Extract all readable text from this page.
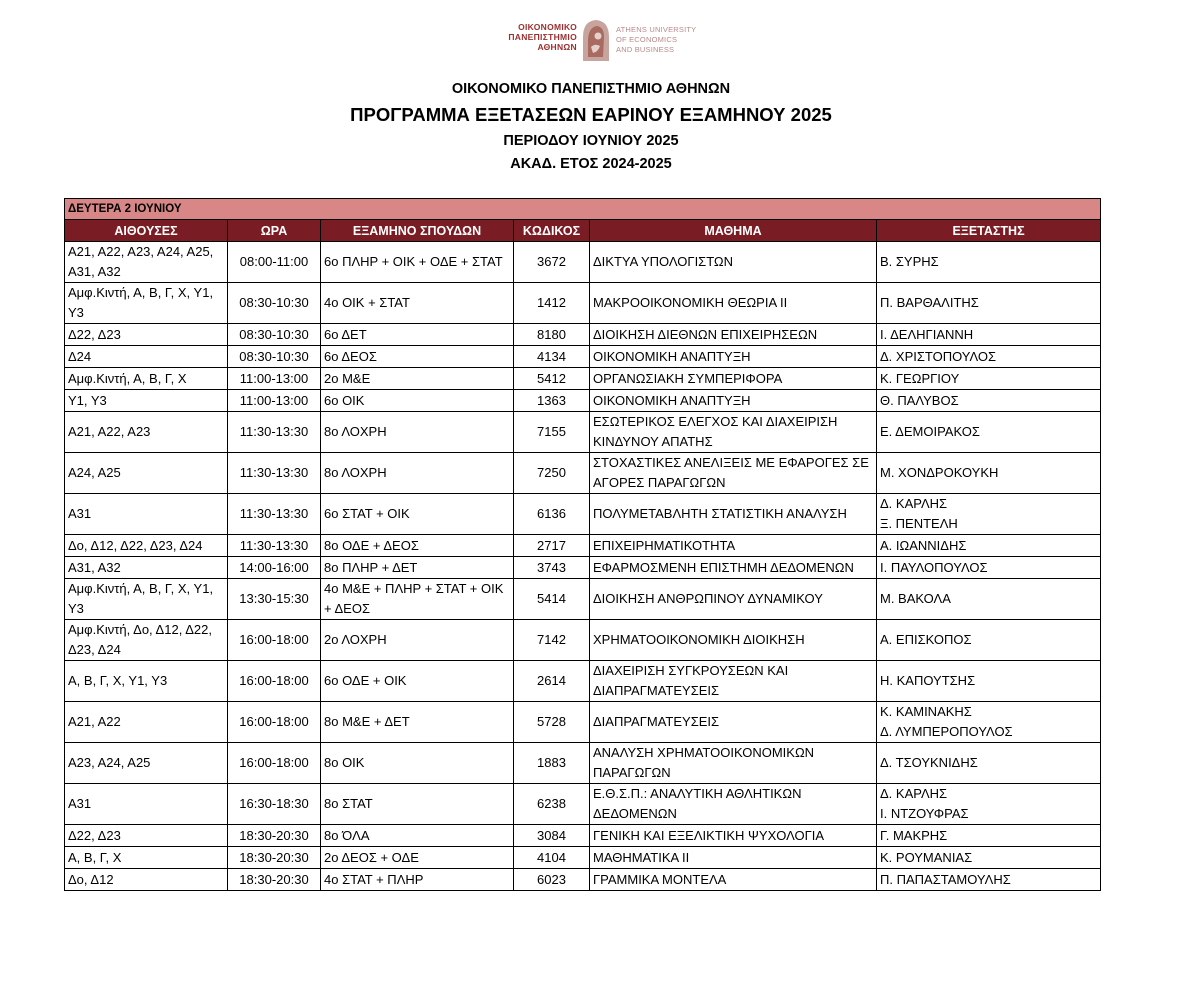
ΟΙΚΟΝΟΜΙΚΟ
ΠΑΝΕΠΙΣΤΗΜΙΟ
ΑΘΗΝΩΝ
ATHENS UNIVERSITY
OF ECONOMICS
AND BUSINESS
ΟΙΚΟΝΟΜΙΚΟ ΠΑΝΕΠΙΣΤΗΜΙΟ ΑΘΗΝΩΝ
ΠΡΟΓΡΑΜΜΑ ΕΞΕΤΑΣΕΩΝ ΕΑΡΙΝΟΥ ΕΞΑΜΗΝΟΥ 2025
ΠΕΡΙΟΔΟΥ ΙΟΥΝΙΟΥ 2025
ΑΚΑΔ. ΕΤΟΣ 2024-2025
ΔΕΥΤΕΡΑ 2 ΙΟΥΝΙΟΥ					
ΑΙΘΟΥΣΕΣ	ΩΡΑ	ΕΞΑΜΗΝΟ ΣΠΟΥΔΩΝ	ΚΩΔΙΚΟΣ	ΜΑΘΗΜΑ	ΕΞΕΤΑΣΤΗΣ

Α21, Α22, Α23, Α24, Α25,
Α31, Α32	08:00-11:00	6ο ΠΛΗΡ + ΟΙΚ + ΟΔΕ + ΣΤΑΤ	3672	ΔΙΚΤΥΑ ΥΠΟΛΟΓΙΣΤΩΝ	Β. ΣΥΡΗΣ

Αμφ.Κιντή, Α, Β, Γ, Χ, Υ1,
Υ3	08:30-10:30	4ο ΟΙΚ + ΣΤΑΤ	1412	ΜΑΚΡΟΟΙΚΟΝΟΜΙΚΗ ΘΕΩΡΙΑ ΙΙ	Π. ΒΑΡΘΑΛΙΤΗΣ

Δ22, Δ23	08:30-10:30	6ο ΔΕΤ	8180	ΔΙΟΙΚΗΣΗ ΔΙΕΘΝΩΝ ΕΠΙΧΕΙΡΗΣΕΩΝ	Ι. ΔΕΛΗΓΙΑΝΝΗ

Δ24	08:30-10:30	6ο ΔΕΟΣ	4134	ΟΙΚΟΝΟΜΙΚΗ ΑΝΑΠΤΥΞΗ	Δ. ΧΡΙΣΤΟΠΟΥΛΟΣ

Αμφ.Κιντή, Α, Β, Γ, Χ	11:00-13:00	2ο Μ&Ε	5412	ΟΡΓΑΝΩΣΙΑΚΗ ΣΥΜΠΕΡΙΦΟΡΑ	Κ. ΓΕΩΡΓΙΟΥ

Υ1, Υ3	11:00-13:00	6ο ΟΙΚ	1363	ΟΙΚΟΝΟΜΙΚΗ ΑΝΑΠΤΥΞΗ	Θ. ΠΑΛΥΒΟΣ

Α21, Α22, Α23	11:30-13:30	8ο ΛΟΧΡΗ	7155	ΕΣΩΤΕΡΙΚΟΣ ΕΛΕΓΧΟΣ ΚΑΙ ΔΙΑΧΕΙΡΙΣΗ
ΚΙΝΔΥΝΟΥ ΑΠΑΤΗΣ	Ε. ΔΕΜΟΙΡΑΚΟΣ

Α24, Α25	11:30-13:30	8ο ΛΟΧΡΗ	7250	ΣΤΟΧΑΣΤΙΚΕΣ ΑΝΕΛΙΞΕΙΣ ΜΕ ΕΦΑΡΟΓΕΣ ΣΕ
ΑΓΟΡΕΣ ΠΑΡΑΓΩΓΩΝ	Μ. ΧΟΝΔΡΟΚΟΥΚΗ

Α31	11:30-13:30	6ο ΣΤΑΤ + ΟΙΚ	6136	ΠΟΛΥΜΕΤΑΒΛΗΤΗ ΣΤΑΤΙΣΤΙΚΗ ΑΝΑΛΥΣΗ	Δ. ΚΑΡΛΗΣ
Ξ. ΠΕΝΤΕΛΗ

Δο, Δ12, Δ22, Δ23, Δ24	11:30-13:30	8ο ΟΔΕ + ΔΕΟΣ	2717	ΕΠΙΧΕΙΡΗΜΑΤΙΚΟΤΗΤΑ	Α. ΙΩΑΝΝΙΔΗΣ

Α31, Α32	14:00-16:00	8ο ΠΛΗΡ + ΔΕΤ	3743	ΕΦΑΡΜΟΣΜΕΝΗ ΕΠΙΣΤΗΜΗ ΔΕΔΟΜΕΝΩΝ	Ι. ΠΑΥΛΟΠΟΥΛΟΣ

Αμφ.Κιντή, Α, Β, Γ, Χ, Υ1,
Υ3	13:30-15:30	4ο Μ&Ε + ΠΛΗΡ + ΣΤΑΤ + ΟΙΚ
+ ΔΕΟΣ	5414	ΔΙΟΙΚΗΣΗ ΑΝΘΡΩΠΙΝΟΥ ΔΥΝΑΜΙΚΟΥ	Μ. ΒΑΚΟΛΑ

Αμφ.Κιντή, Δο, Δ12, Δ22,
Δ23, Δ24	16:00-18:00	2ο ΛΟΧΡΗ	7142	ΧΡΗΜΑΤΟΟΙΚΟΝΟΜΙΚΗ ΔΙΟΙΚΗΣΗ	Α. ΕΠΙΣΚΟΠΟΣ

Α, Β, Γ, Χ, Υ1, Υ3	16:00-18:00	6ο ΟΔΕ + ΟΙΚ	2614	ΔΙΑΧΕΙΡΙΣΗ ΣΥΓΚΡΟΥΣΕΩΝ ΚΑΙ
ΔΙΑΠΡΑΓΜΑΤΕΥΣΕΙΣ	Η. ΚΑΠΟΥΤΣΗΣ

Α21, Α22	16:00-18:00	8ο Μ&Ε + ΔΕΤ	5728	ΔΙΑΠΡΑΓΜΑΤΕΥΣΕΙΣ	Κ. ΚΑΜΙΝΑΚΗΣ
Δ. ΛΥΜΠΕΡΟΠΟΥΛΟΣ

Α23, Α24, Α25	16:00-18:00	8ο ΟΙΚ	1883	ΑΝΑΛΥΣΗ ΧΡΗΜΑΤΟΟΙΚΟΝΟΜΙΚΩΝ
ΠΑΡΑΓΩΓΩΝ	Δ. ΤΣΟΥΚΝΙΔΗΣ

Α31	16:30-18:30	8ο ΣΤΑΤ	6238	Ε.Θ.Σ.Π.: ΑΝΑΛΥΤΙΚΗ ΑΘΛΗΤΙΚΩΝ
ΔΕΔΟΜΕΝΩΝ	Δ. ΚΑΡΛΗΣ
Ι. ΝΤΖΟΥΦΡΑΣ

Δ22, Δ23	18:30-20:30	8ο ΌΛΑ	3084	ΓΕΝΙΚΗ ΚΑΙ ΕΞΕΛΙΚΤΙΚΗ ΨΥΧΟΛΟΓΙΑ	Γ. ΜΑΚΡΗΣ

Α, Β, Γ, Χ	18:30-20:30	2ο ΔΕΟΣ + ΟΔΕ	4104	ΜΑΘΗΜΑΤΙΚΑ ΙΙ	Κ. ΡΟΥΜΑΝΙΑΣ

Δο, Δ12	18:30-20:30	4ο ΣΤΑΤ + ΠΛΗΡ	6023	ΓΡΑΜΜΙΚΑ ΜΟΝΤΕΛΑ	Π. ΠΑΠΑΣΤΑΜΟΥΛΗΣ
